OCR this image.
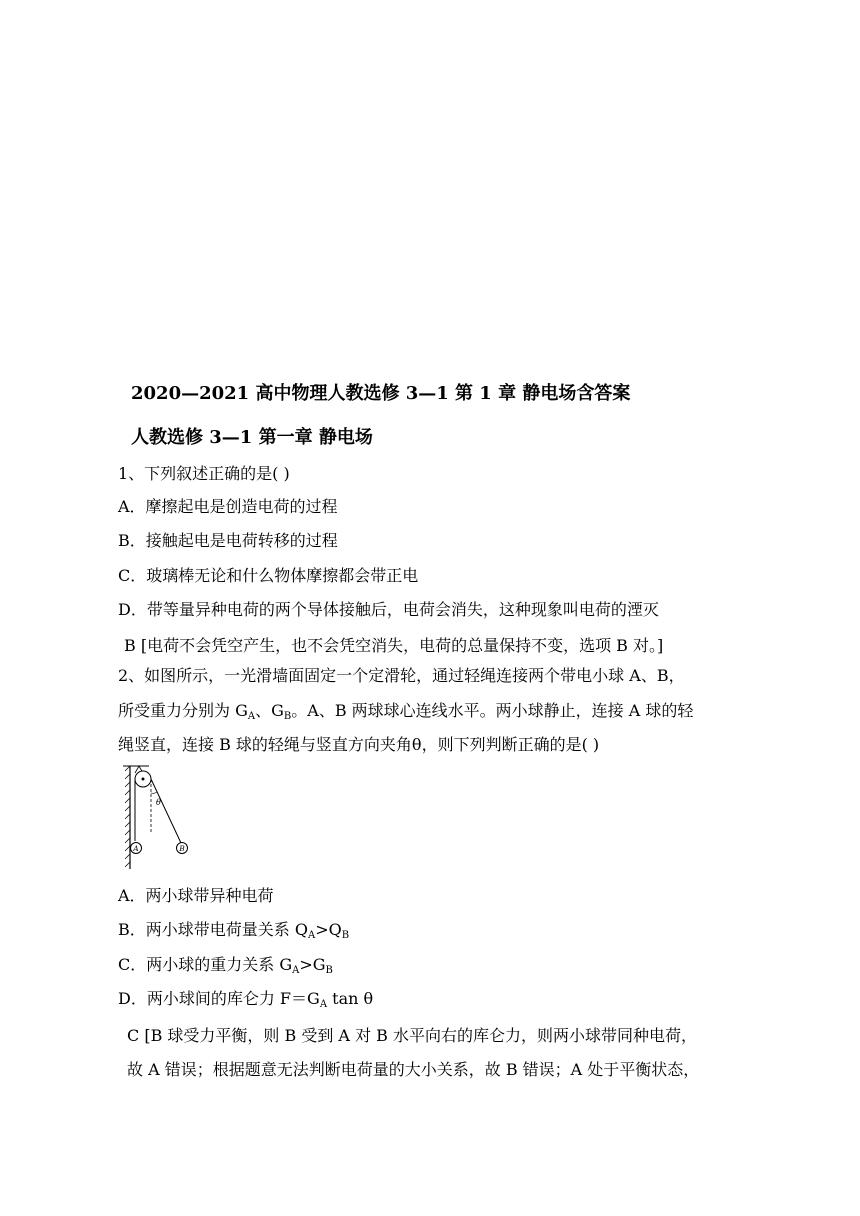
2020—2021 高中物理人教选修 3—1 第 1 章 静电场含答案
人教选修 3—1 第一章 静电场
1、下列叙述正确的是( )
A．摩擦起电是创造电荷的过程
B．接触起电是电荷转移的过程
C．玻璃棒无论和什么物体摩擦都会带正电
D．带等量异种电荷的两个导体接触后，电荷会消失，这种现象叫电荷的湮灭
B [电荷不会凭空产生，也不会凭空消失，电荷的总量保持不变，选项 B 对。]
2、如图所示，一光滑墙面固定一个定滑轮，通过轻绳连接两个带电小球 A、B，
所受重力分别为 $G_A$、$G_B$。A、B 两球球心连线水平。两小球静止，连接 A 球的轻
绳竖直，连接 B 球的轻绳与竖直方向夹角θ，则下列判断正确的是( )
θ
A	B
A．两小球带异种电荷
B．两小球带电荷量关系 $Q_A>Q_B$
C．两小球的重力关系 $G_A>G_B$
D．两小球间的库仑力 $F=G_A$ tan θ
C [B 球受力平衡，则 B 受到 A 对 B 水平向右的库仑力，则两小球带同种电荷，
故 A 错误；根据题意无法判断电荷量的大小关系，故 B 错误；A 处于平衡状态，
